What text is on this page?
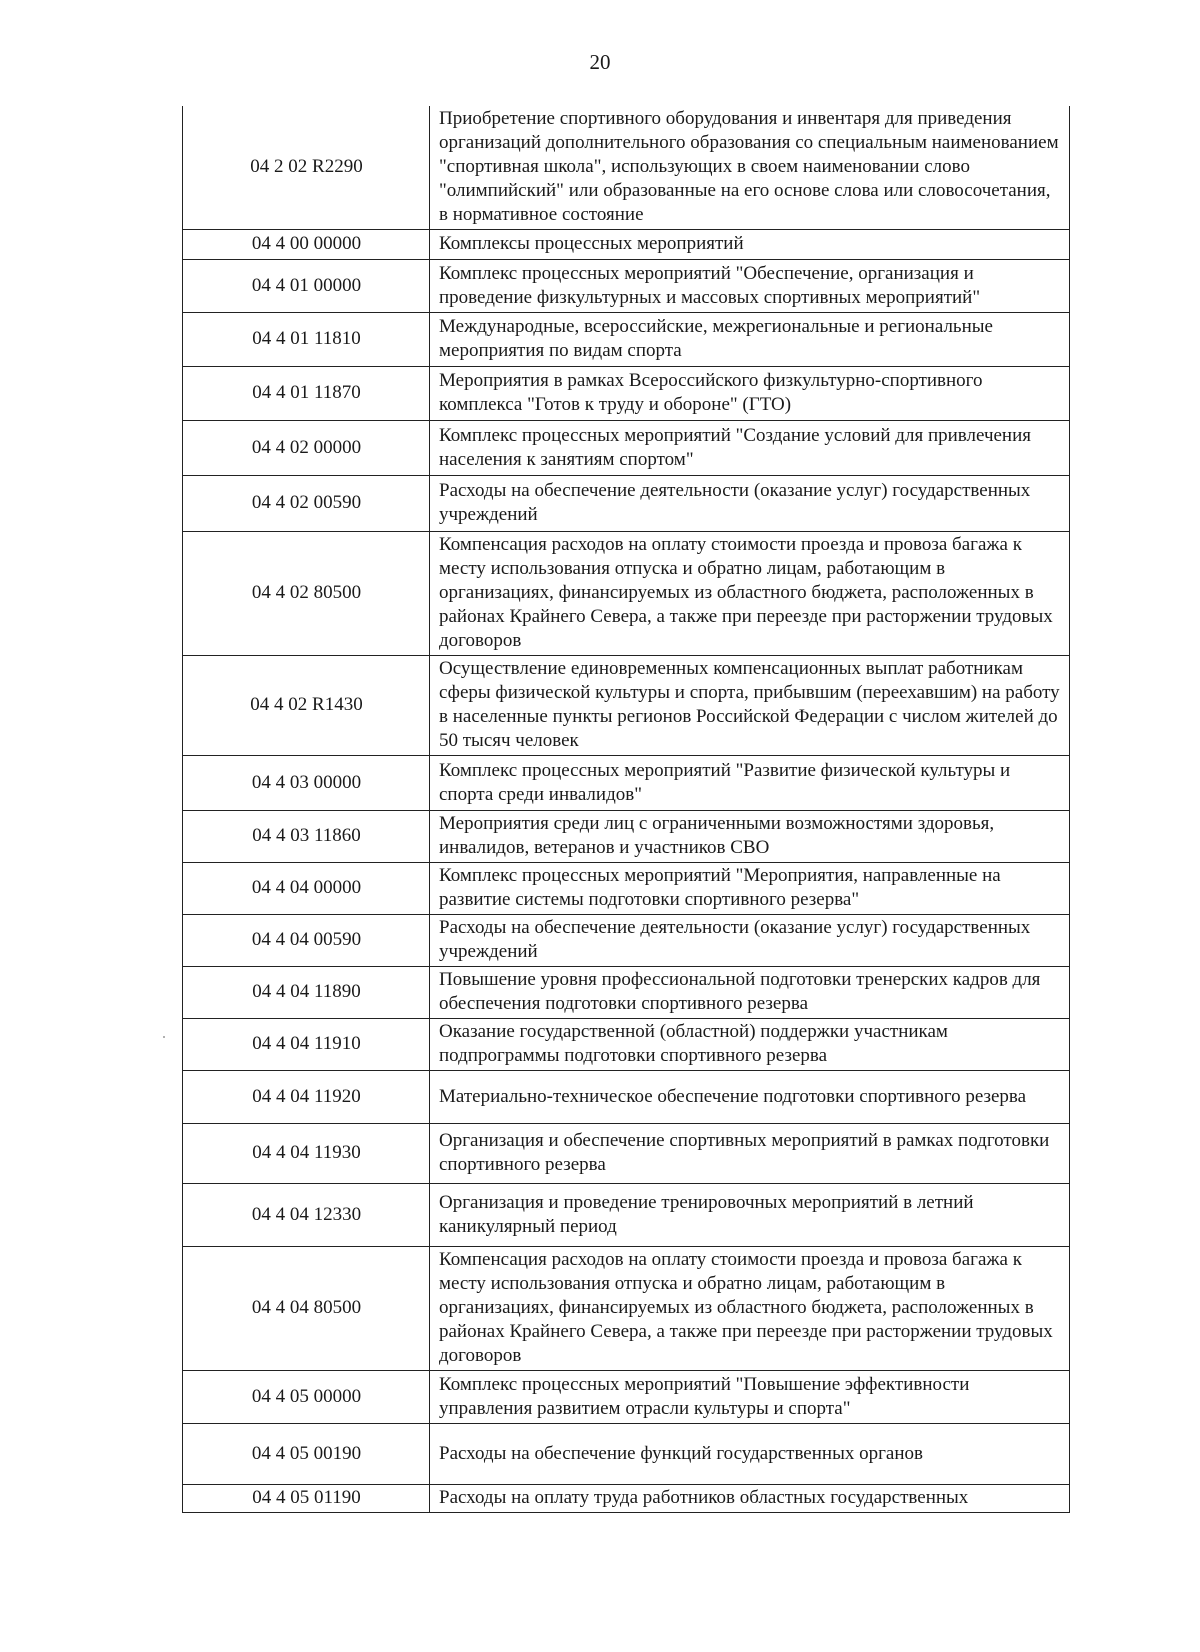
20
04 2 02 R2290	Приобретение спортивного оборудования и инвентаря для приведения организаций дополнительного образования со специальным наименованием "спортивная школа", использующих в своем наименовании слово "олимпийский" или образованные на его основе слова или словосочетания, в нормативное состояние
04 4 00 00000	Комплексы процессных мероприятий
04 4 01 00000	Комплекс процессных мероприятий "Обеспечение, организация и проведение физкультурных и массовых спортивных мероприятий"
04 4 01 11810	Международные, всероссийские, межрегиональные и региональные мероприятия по видам спорта
04 4 01 11870	Мероприятия в рамках Всероссийского физкультурно-спортивного комплекса "Готов к труду и обороне" (ГТО)
04 4 02 00000	Комплекс процессных мероприятий "Создание условий для привлечения населения к занятиям спортом"
04 4 02 00590	Расходы на обеспечение деятельности (оказание услуг) государственных учреждений
04 4 02 80500	Компенсация расходов на оплату стоимости проезда и провоза багажа к месту использования отпуска и обратно лицам, работающим в организациях, финансируемых из областного бюджета, расположенных в районах Крайнего Севера, а также при переезде при расторжении трудовых договоров
04 4 02 R1430	Осуществление единовременных компенсационных выплат работникам сферы физической культуры и спорта, прибывшим (переехавшим) на работу в населенные пункты регионов Российской Федерации с числом жителей до 50 тысяч человек
04 4 03 00000	Комплекс процессных мероприятий "Развитие физической культуры и спорта среди инвалидов"
04 4 03 11860	Мероприятия среди лиц с ограниченными возможностями здоровья, инвалидов, ветеранов и участников СВО
04 4 04 00000	Комплекс процессных мероприятий "Мероприятия, направленные на развитие системы подготовки спортивного резерва"
04 4 04 00590	Расходы на обеспечение деятельности (оказание услуг) государственных учреждений
04 4 04 11890	Повышение уровня профессиональной подготовки тренерских кадров для обеспечения подготовки спортивного резерва
04 4 04 11910	Оказание государственной (областной) поддержки участникам подпрограммы подготовки спортивного резерва
04 4 04 11920	Материально-техническое обеспечение подготовки спортивного резерва
04 4 04 11930	Организация и обеспечение спортивных мероприятий в рамках подготовки спортивного резерва
04 4 04 12330	Организация и проведение тренировочных мероприятий в летний каникулярный период
04 4 04 80500	Компенсация расходов на оплату стоимости проезда и провоза багажа к месту использования отпуска и обратно лицам, работающим в организациях, финансируемых из областного бюджета, расположенных в районах Крайнего Севера, а также при переезде при расторжении трудовых договоров
04 4 05 00000	Комплекс процессных мероприятий "Повышение эффективности управления развитием отрасли культуры и спорта"
04 4 05 00190	Расходы на обеспечение функций государственных органов
04 4 05 01190	Расходы на оплату труда работников областных государственных
